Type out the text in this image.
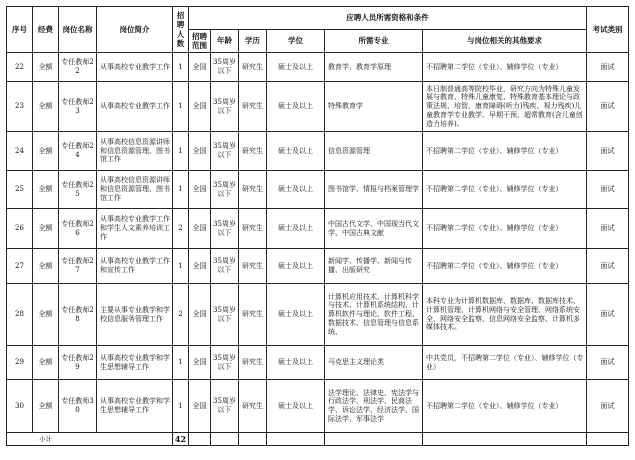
序号	经费	岗位名称	岗位简介	招聘人数	应聘人员所需资格和条件						考试类别
					招聘范围	年龄	学历	学位	所需专业	与岗位相关的其他要求	
22	全额	专任教师22	从事高校专业教学工作	1	全国	35周岁以下	研究生	硕士及以上	教育学、教育学原理	不招聘第二学位（专业）、辅修学位（专业）	面试
23	全额	专任教师23	从事高校专业教学工作	1	全国	35周岁以下	研究生	硕士及以上	特殊教育学	本日制普通高等院校毕业，研究方向为特殊儿童发展与教育、特殊儿童康复、特殊教育基本理论与政策法规、培智、康育障碍(听力)残疾、视力残疾)儿童教育学专业教学、早期干预、超常教育(含儿童创造力培养)。	面试
24	全额	专任教师24	从事高校信息资源讲师和信息资源管理、图书馆工作	1	全国	35周岁以下	研究生	硕士及以上	信息资源管理	不招聘第二学位（专业）、辅修学位（专业）	面试
25	全额	专任教师25	从事高校信息资源讲师和信息资源管理、图书馆工作	1	全国	35周岁以下	研究生	硕士及以上	图书馆学、情报与档案管理学	不招聘第二学位（专业）、辅修学位（专业）	面试
26	全额	专任教师26	从事高校专业教学工作和学生人文素养培训工作	2	全国	35周岁以下	研究生	硕士及以上	中国古代文学、中国现当代文学、中国古典文献	不招聘第二学位（专业）、辅修学位（专业）	面试
27	全额	专任教师27	从事高校专业教学工作和宣传工作	1	全国	35周岁以下	研究生	硕士及以上	新闻学、传播学、新闻与传播、出版研究	不招聘第二学位（专业）、辅修学位（专业）	面试
28	全额	专任教师28	主要从事专业教学和学校信息服务管理工作	2	全国	35周岁以下	研究生	硕士及以上	计算机应用技术、计算机科学与技术、计算机系统结构、计算机软件与理论、软件工程、数据技术、信息管理与信息系统、	本科专业为计算机数据库、数据库、数据库技术、计算机管理、计算机网络与安全管理、网络系统安全、网络安全监察、信息网络安全监察、计算机多媒体技术。	面试
29	全额	专任教师29	从事高校专业教学和学生思想辅导工作	1	全国	35周岁以下	研究生	硕士及以上	马克思主义理论类	中共党员，不招聘第二学位（专业）、辅修学位（专业）	面试
30	全额	专任教师30	从事高校专业教学和学生思想辅导工作	1	全国	35周岁以下	研究生	硕士及以上	法学理论、法律史、宪法学与行政法学、刑法学、民商法学、诉讼法学、经济法学、国际法学、军事法学	不招聘第二学位（专业）、辅修学位（专业）	面试
小计				42							
